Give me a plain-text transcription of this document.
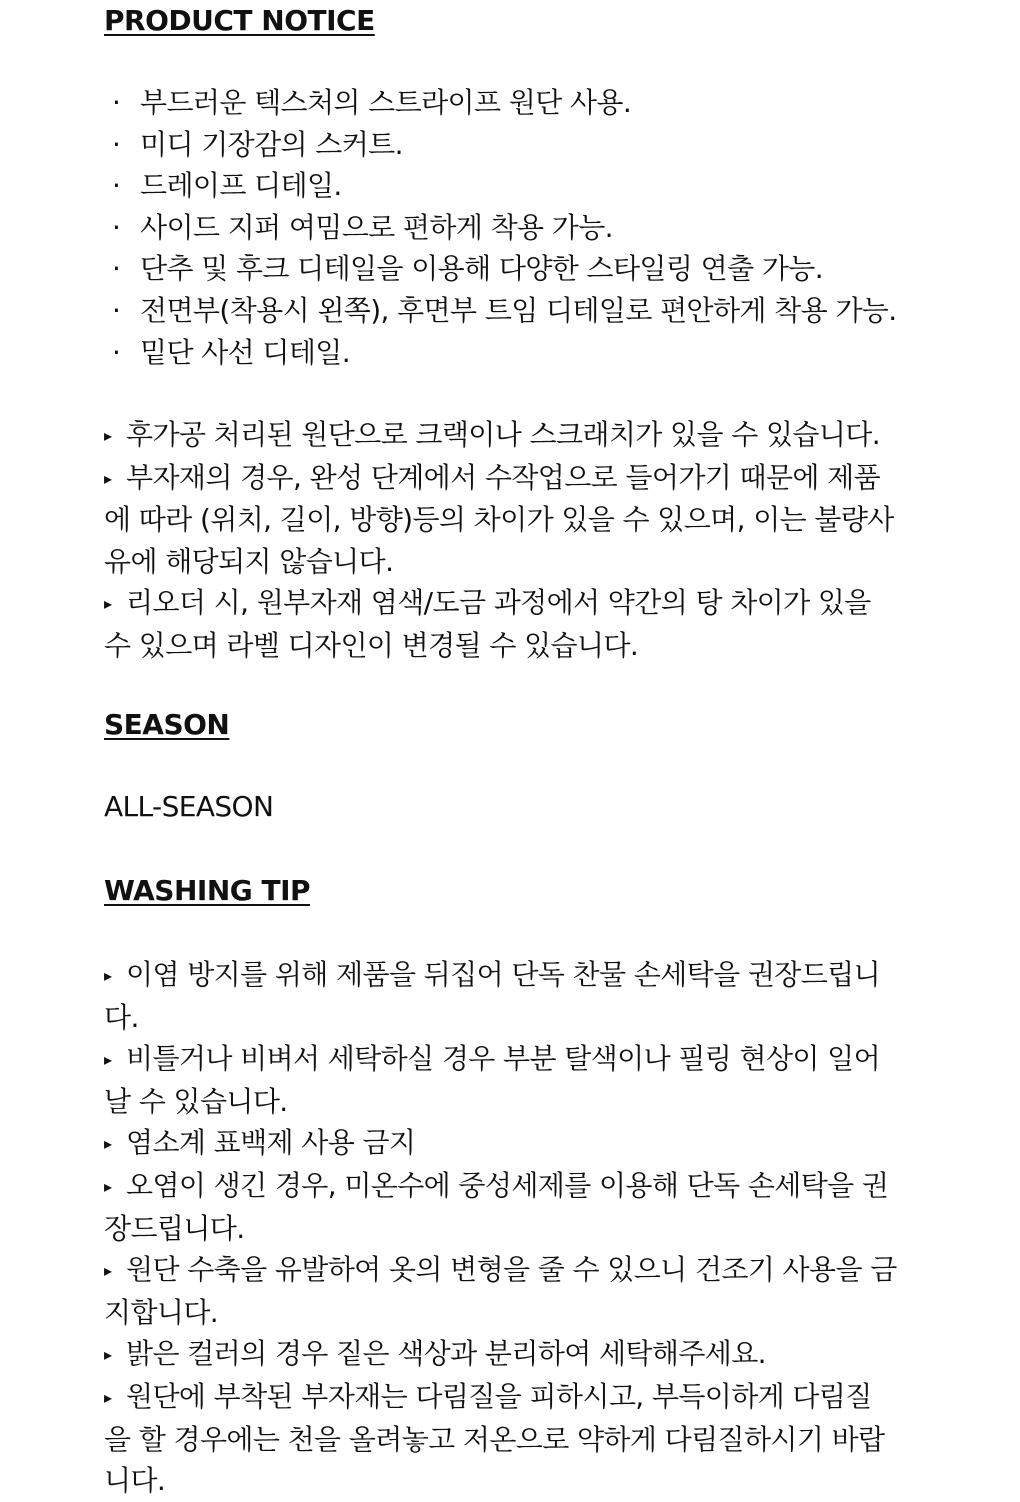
PRODUCT NOTICE
· 부드러운 텍스처의 스트라이프 원단 사용.
· 미디 기장감의 스커트.
· 드레이프 디테일.
· 사이드 지퍼 여밈으로 편하게 착용 가능.
· 단추 및 후크 디테일을 이용해 다양한 스타일링 연출 가능.
· 전면부(착용시 왼쪽), 후면부 트임 디테일로 편안하게 착용 가능.
· 밑단 사선 디테일.

▸ 후가공 처리된 원단으로 크랙이나 스크래치가 있을 수 있습니다.

▸ 부자재의 경우, 완성 단계에서 수작업으로 들어가기 때문에 제품

에 따라 (위치, 길이, 방향)등의 차이가 있을 수 있으며, 이는 불량사

유에 해당되지 않습니다.

▸ 리오더 시, 원부자재 염색/도금 과정에서 약간의 탕 차이가 있을

수 있으며 라벨 디자인이 변경될 수 있습니다.

SEASON

ALL-SEASON

WASHING TIP

▸ 이염 방지를 위해 제품을 뒤집어 단독 찬물 손세탁을 권장드립니

다.

▸ 비틀거나 비벼서 세탁하실 경우 부분 탈색이나 필링 현상이 일어

날 수 있습니다.

▸ 염소계 표백제 사용 금지

▸ 오염이 생긴 경우, 미온수에 중성세제를 이용해 단독 손세탁을 권

장드립니다.

▸ 원단 수축을 유발하여 옷의 변형을 줄 수 있으니 건조기 사용을 금

지합니다.

▸ 밝은 컬러의 경우 짙은 색상과 분리하여 세탁해주세요.

▸ 원단에 부착된 부자재는 다림질을 피하시고, 부득이하게 다림질

을 할 경우에는 천을 올려놓고 저온으로 약하게 다림질하시기 바랍

니다.
